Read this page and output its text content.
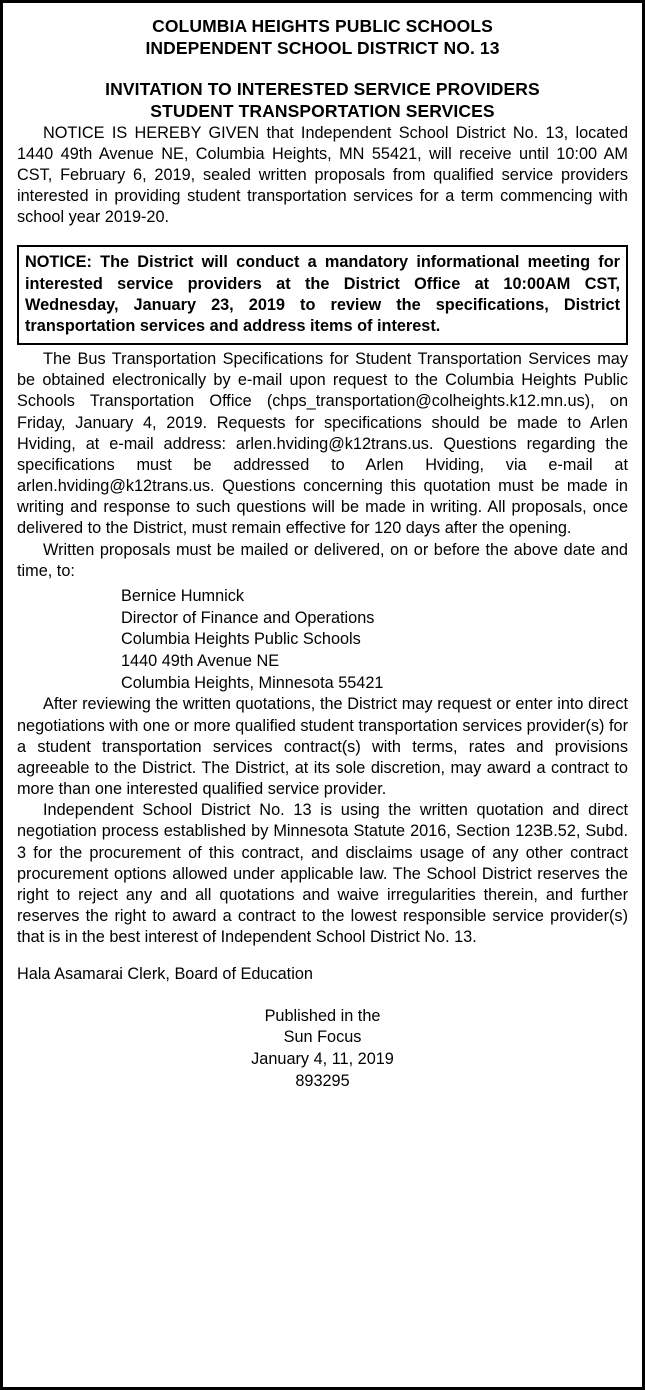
COLUMBIA HEIGHTS PUBLIC SCHOOLS
INDEPENDENT SCHOOL DISTRICT NO. 13
INVITATION TO INTERESTED SERVICE PROVIDERS
STUDENT TRANSPORTATION SERVICES

NOTICE IS HEREBY GIVEN that Independent School District No. 13, located 1440 49th Avenue NE, Columbia Heights, MN 55421, will receive until 10:00 AM CST, February 6, 2019, sealed written proposals from qualified service providers interested in providing student transportation services for a term commencing with school year 2019-20.

NOTICE: The District will conduct a mandatory informational meeting for interested service providers at the District Office at 10:00AM CST, Wednesday, January 23, 2019 to review the specifications, District transportation services and address items of interest.

The Bus Transportation Specifications for Student Transportation Services may be obtained electronically by e-mail upon request to the Columbia Heights Public Schools Transportation Office (chps_transportation@colheights.k12.mn.us), on Friday, January 4, 2019. Requests for specifications should be made to Arlen Hviding, at e-mail address: arlen.hviding@k12trans.us. Questions regarding the specifications must be addressed to Arlen Hviding, via e-mail at arlen.hviding@k12trans.us. Questions concerning this quotation must be made in writing and response to such questions will be made in writing. All proposals, once delivered to the District, must remain effective for 120 days after the opening.

Written proposals must be mailed or delivered, on or before the above date and time, to:

Bernice Humnick
Director of Finance and Operations
Columbia Heights Public Schools
1440 49th Avenue NE
Columbia Heights, Minnesota 55421

After reviewing the written quotations, the District may request or enter into direct negotiations with one or more qualified student transportation services provider(s) for a student transportation services contract(s) with terms, rates and provisions agreeable to the District. The District, at its sole discretion, may award a contract to more than one interested qualified service provider.

Independent School District No. 13 is using the written quotation and direct negotiation process established by Minnesota Statute 2016, Section 123B.52, Subd. 3 for the procurement of this contract, and disclaims usage of any other contract procurement options allowed under applicable law. The School District reserves the right to reject any and all quotations and waive irregularities therein, and further reserves the right to award a contract to the lowest responsible service provider(s) that is in the best interest of Independent School District No. 13.

Hala Asamarai Clerk, Board of Education
Published in the
Sun Focus
January 4, 11, 2019
893295
